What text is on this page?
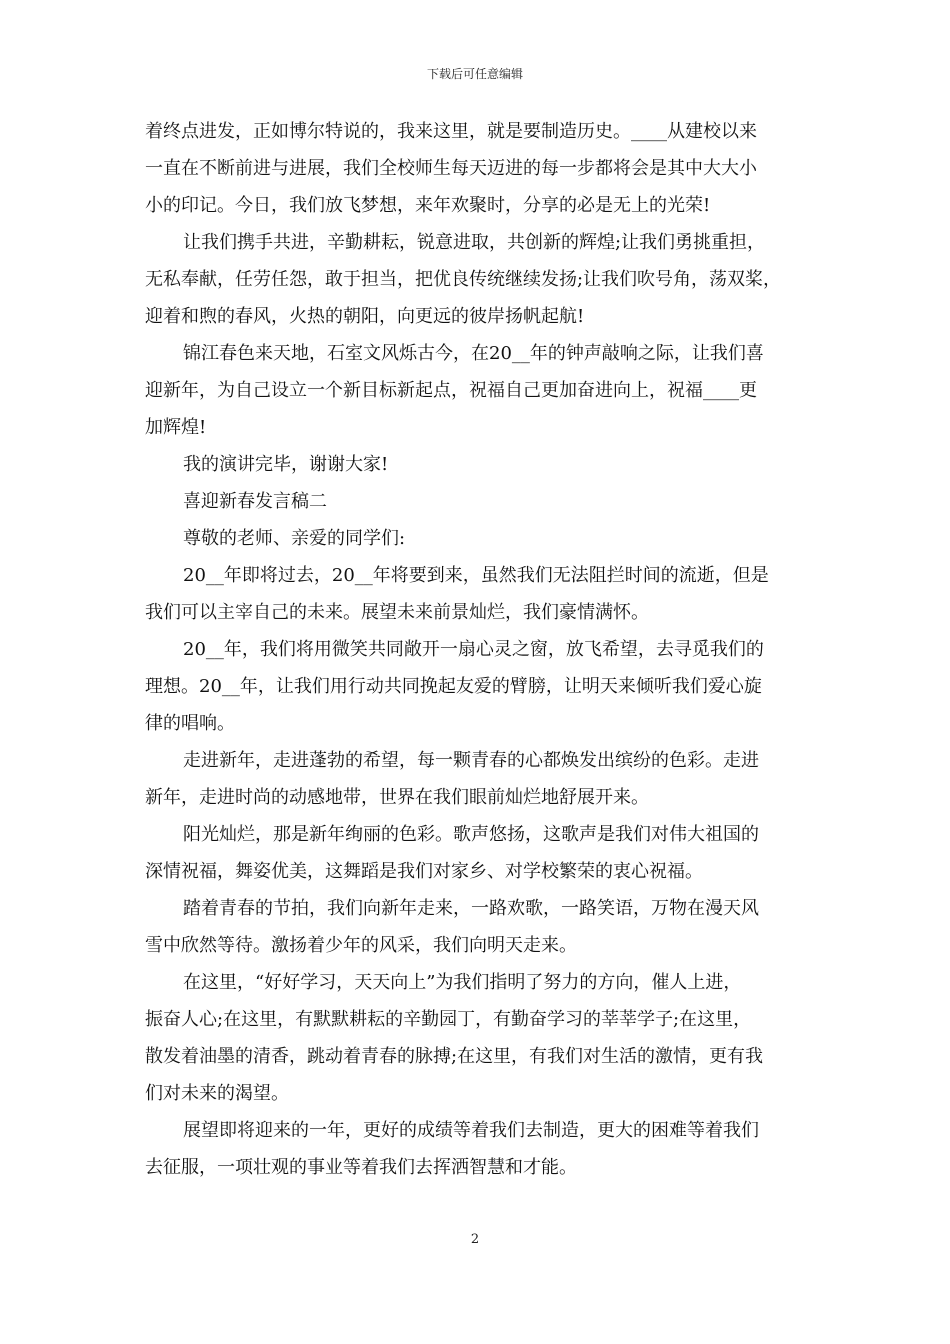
下载后可任意编辑
着终点进发，正如博尔特说的，我来这里，就是要制造历史。____从建校以来
一直在不断前进与进展，我们全校师生每天迈进的每一步都将会是其中大大小
小的印记。今日，我们放飞梦想，来年欢聚时，分享的必是无上的光荣!
让我们携手共进，辛勤耕耘，锐意进取，共创新的辉煌;让我们勇挑重担，
无私奉献，任劳任怨，敢于担当，把优良传统继续发扬;让我们吹号角，荡双桨，
迎着和煦的春风，火热的朝阳，向更远的彼岸扬帆起航!
锦江春色来天地，石室文风烁古今，在20__年的钟声敲响之际，让我们喜
迎新年，为自己设立一个新目标新起点，祝福自己更加奋进向上，祝福____更
加辉煌!
我的演讲完毕，谢谢大家!
喜迎新春发言稿二
尊敬的老师、亲爱的同学们:
20__年即将过去，20__年将要到来，虽然我们无法阻拦时间的流逝，但是
我们可以主宰自己的未来。展望未来前景灿烂，我们豪情满怀。
20__年，我们将用微笑共同敞开一扇心灵之窗，放飞希望，去寻觅我们的
理想。20__年，让我们用行动共同挽起友爱的臂膀，让明天来倾听我们爱心旋
律的唱响。
走进新年，走进蓬勃的希望，每一颗青春的心都焕发出缤纷的色彩。走进
新年，走进时尚的动感地带，世界在我们眼前灿烂地舒展开来。
阳光灿烂，那是新年绚丽的色彩。歌声悠扬，这歌声是我们对伟大祖国的
深情祝福，舞姿优美，这舞蹈是我们对家乡、对学校繁荣的衷心祝福。
踏着青春的节拍，我们向新年走来，一路欢歌，一路笑语，万物在漫天风
雪中欣然等待。激扬着少年的风采，我们向明天走来。
在这里，“好好学习，天天向上”为我们指明了努力的方向，催人上进，
振奋人心;在这里，有默默耕耘的辛勤园丁，有勤奋学习的莘莘学子;在这里，
散发着油墨的清香，跳动着青春的脉搏;在这里，有我们对生活的激情，更有我
们对未来的渴望。
展望即将迎来的一年，更好的成绩等着我们去制造，更大的困难等着我们
去征服，一项壮观的事业等着我们去挥洒智慧和才能。
2
